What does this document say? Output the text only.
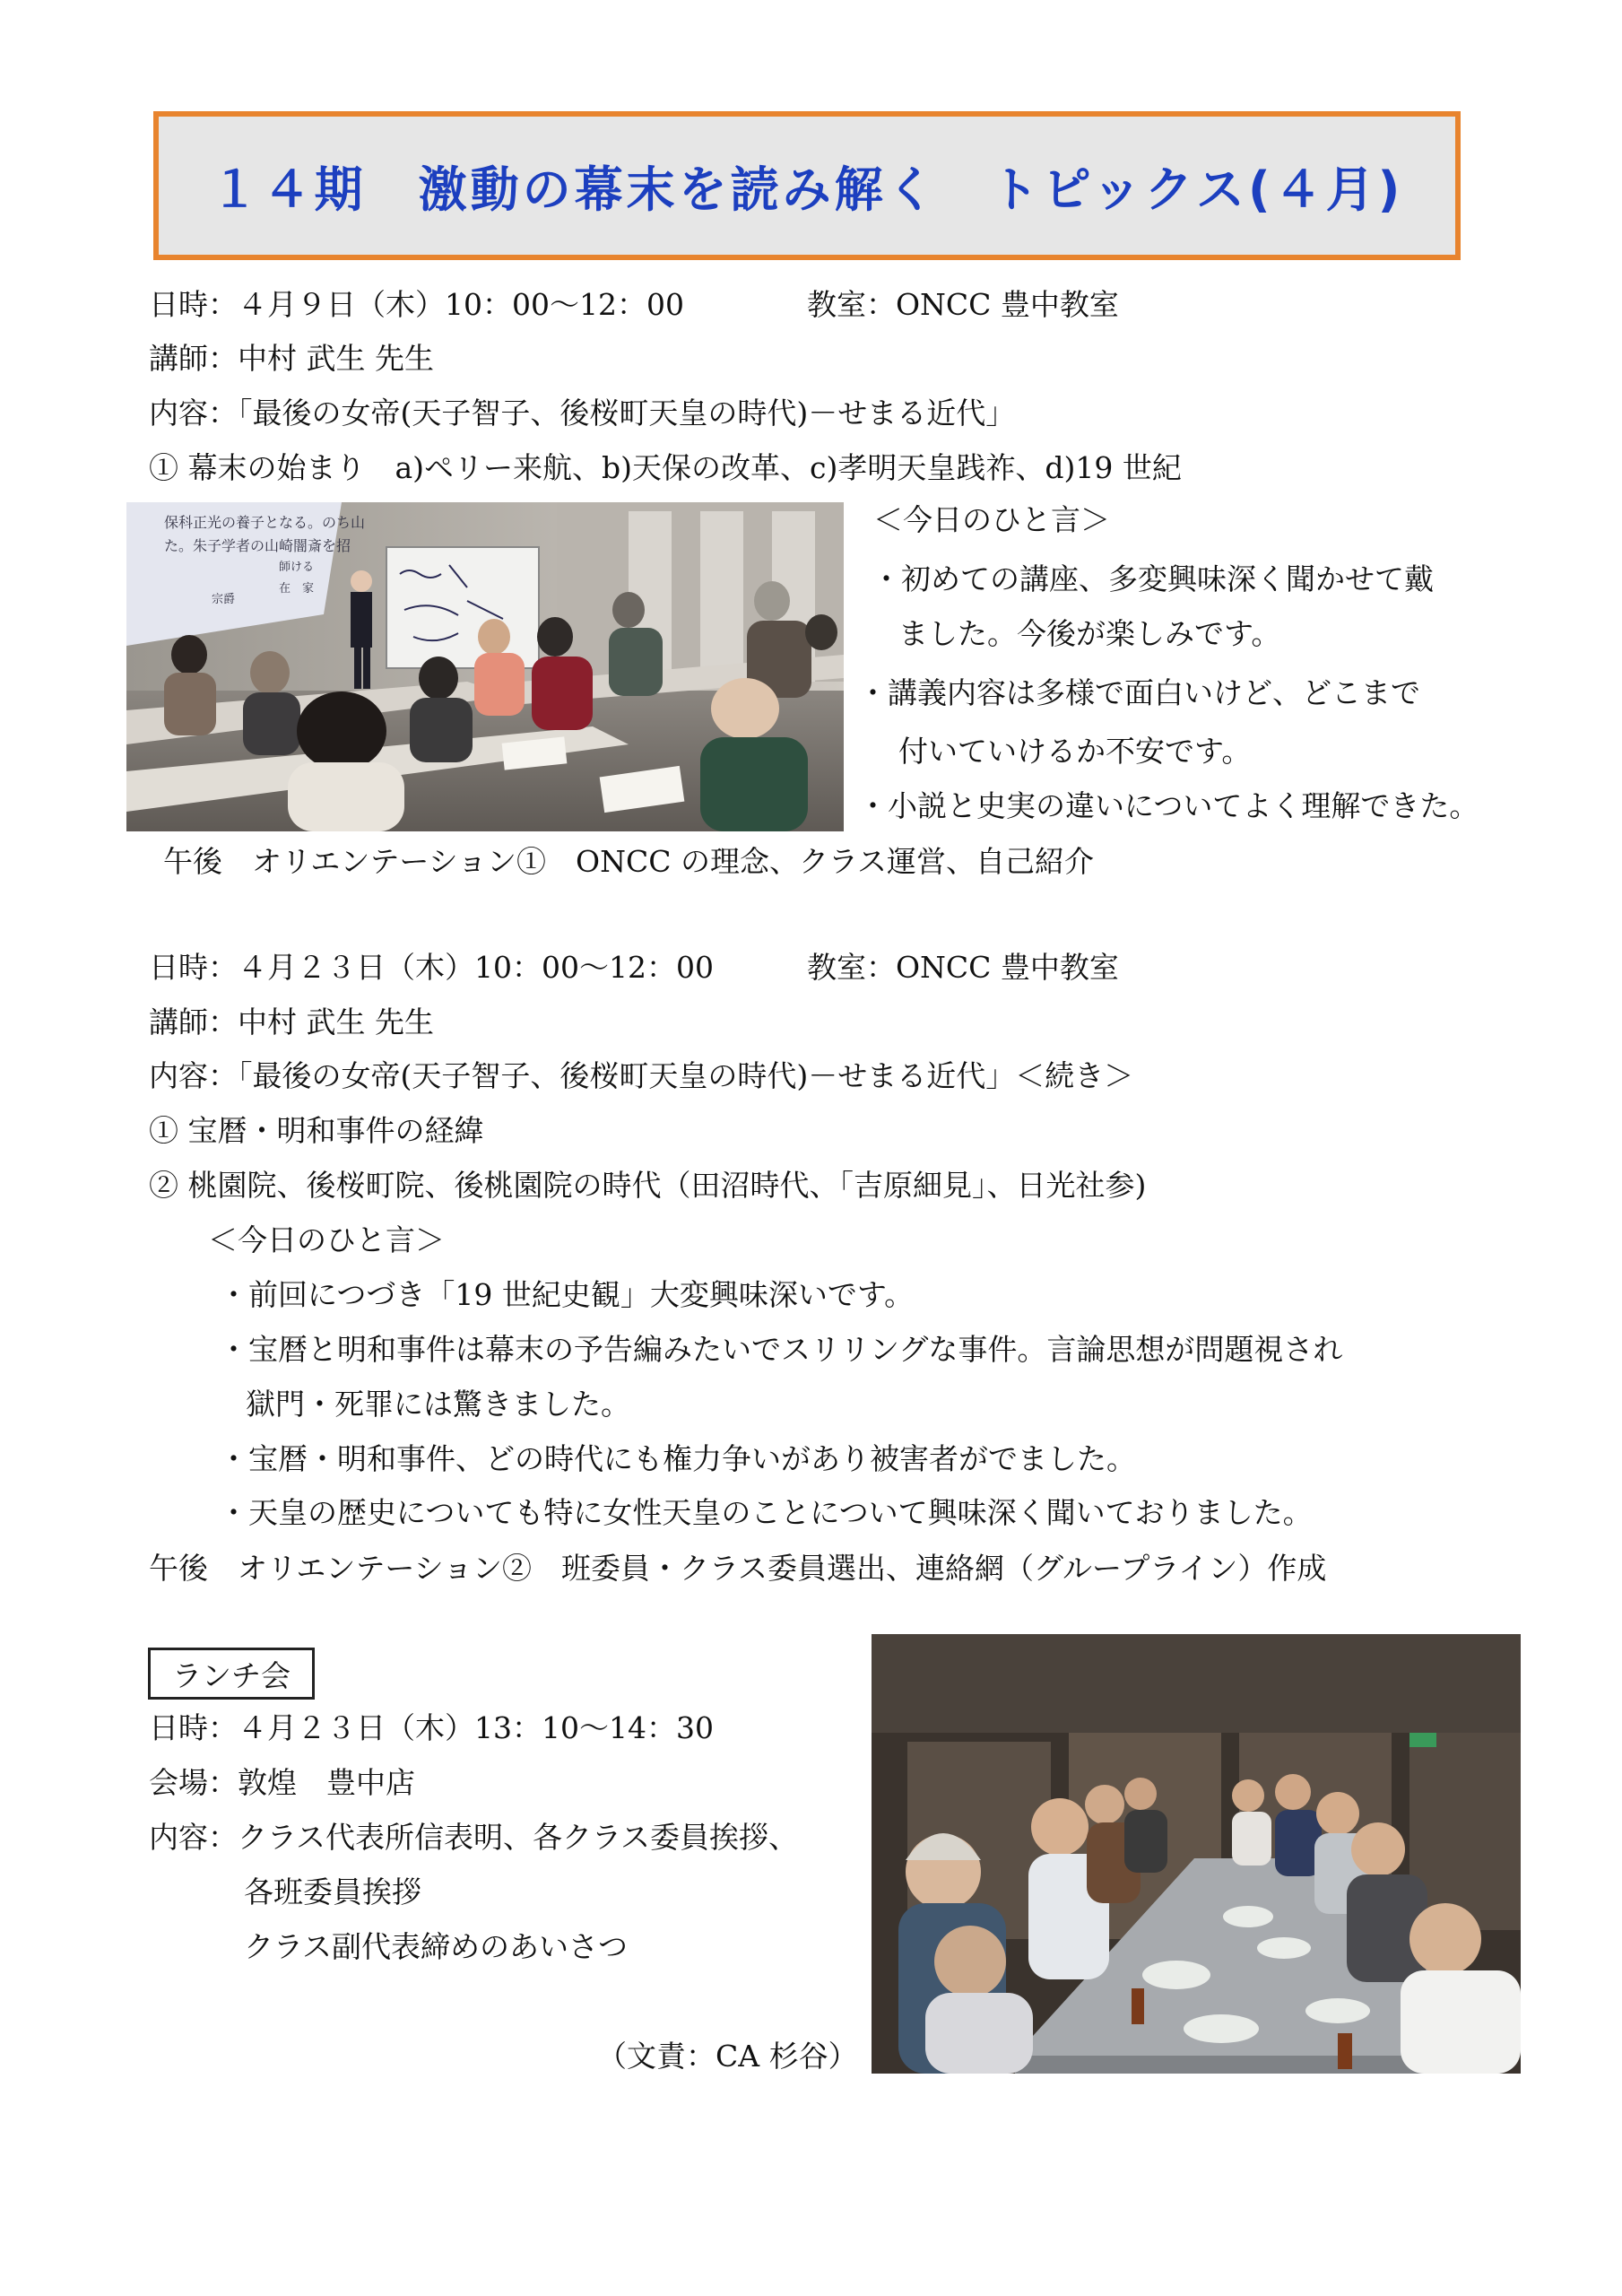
１４期　激動の幕末を読み解く　トピックス(４月)
日時：４月９日（木）10：00〜12：00	教室：ONCC 豊中教室
講師：中村 武生 先生
内容：「最後の女帝(天子智子、後桜町天皇の時代)－せまる近代」
① 幕末の始まり　a)ペリー来航、b)天保の改革、c)孝明天皇践祚、d)19 世紀
保科正光の養子となる。のち山
た。朱子学者の山崎闇斎を招
師ける
在　家
宗爵
＜今日のひと言＞
・初めての講座、多変興味深く聞かせて戴
ました。今後が楽しみです。
・講義内容は多様で面白いけど、どこまで
付いていけるか不安です。
・小説と史実の違いについてよく理解できた。
午後　オリエンテーション①　ONCC の理念、クラス運営、自己紹介
日時：４月２３日（木）10：00〜12：00	教室：ONCC 豊中教室
講師：中村 武生 先生
内容：「最後の女帝(天子智子、後桜町天皇の時代)－せまる近代」＜続き＞
① 宝暦・明和事件の経緯
② 桃園院、後桜町院、後桃園院の時代（田沼時代、「吉原細見」、日光社参)
＜今日のひと言＞
・前回につづき「19 世紀史観」大変興味深いです。
・宝暦と明和事件は幕末の予告編みたいでスリリングな事件。言論思想が問題視され
獄門・死罪には驚きました。
・宝暦・明和事件、どの時代にも権力争いがあり被害者がでました。
・天皇の歴史についても特に女性天皇のことについて興味深く聞いておりました。
午後　オリエンテーション②　班委員・クラス委員選出、連絡網（グループライン）作成
ランチ会
日時：４月２３日（木）13：10〜14：30
会場：敦煌　豊中店
内容：クラス代表所信表明、各クラス委員挨拶、
各班委員挨拶
クラス副代表締めのあいさつ
（文責：CA 杉谷）
